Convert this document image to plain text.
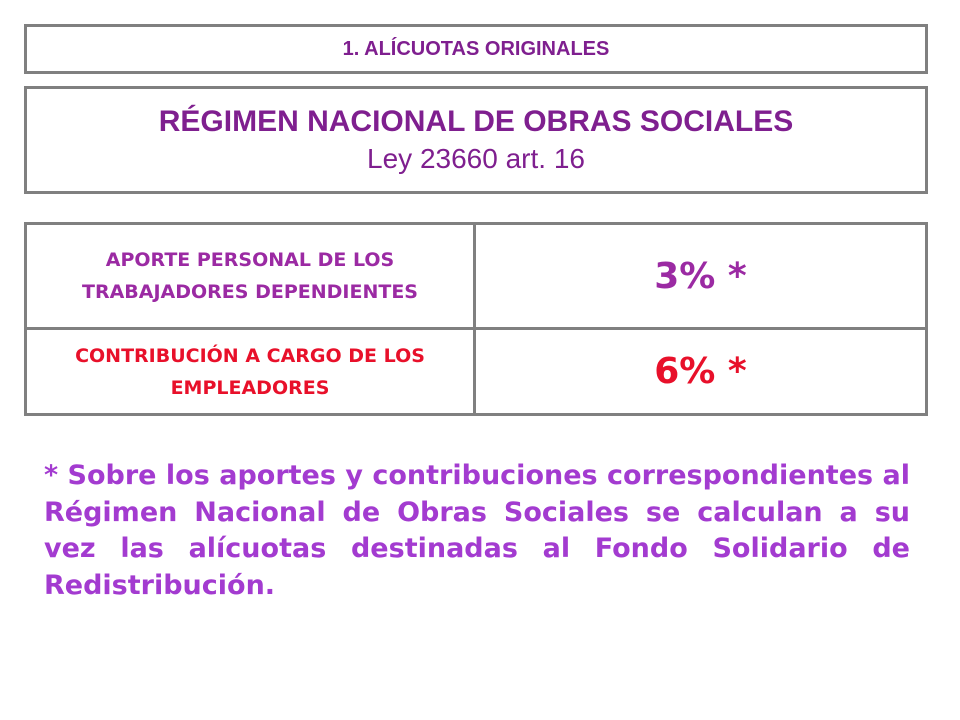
1. ALÍCUOTAS ORIGINALES
RÉGIMEN NACIONAL DE OBRAS SOCIALES
Ley 23660 art. 16
APORTE PERSONAL DE LOS TRABAJADORES DEPENDIENTES	3% *
CONTRIBUCIÓN A CARGO DE LOS EMPLEADORES	6% *

* Sobre los aportes y contribuciones correspondientes al Régimen Nacional de Obras Sociales se calculan a su vez las alícuotas destinadas al Fondo Solidario de Redistribución.
